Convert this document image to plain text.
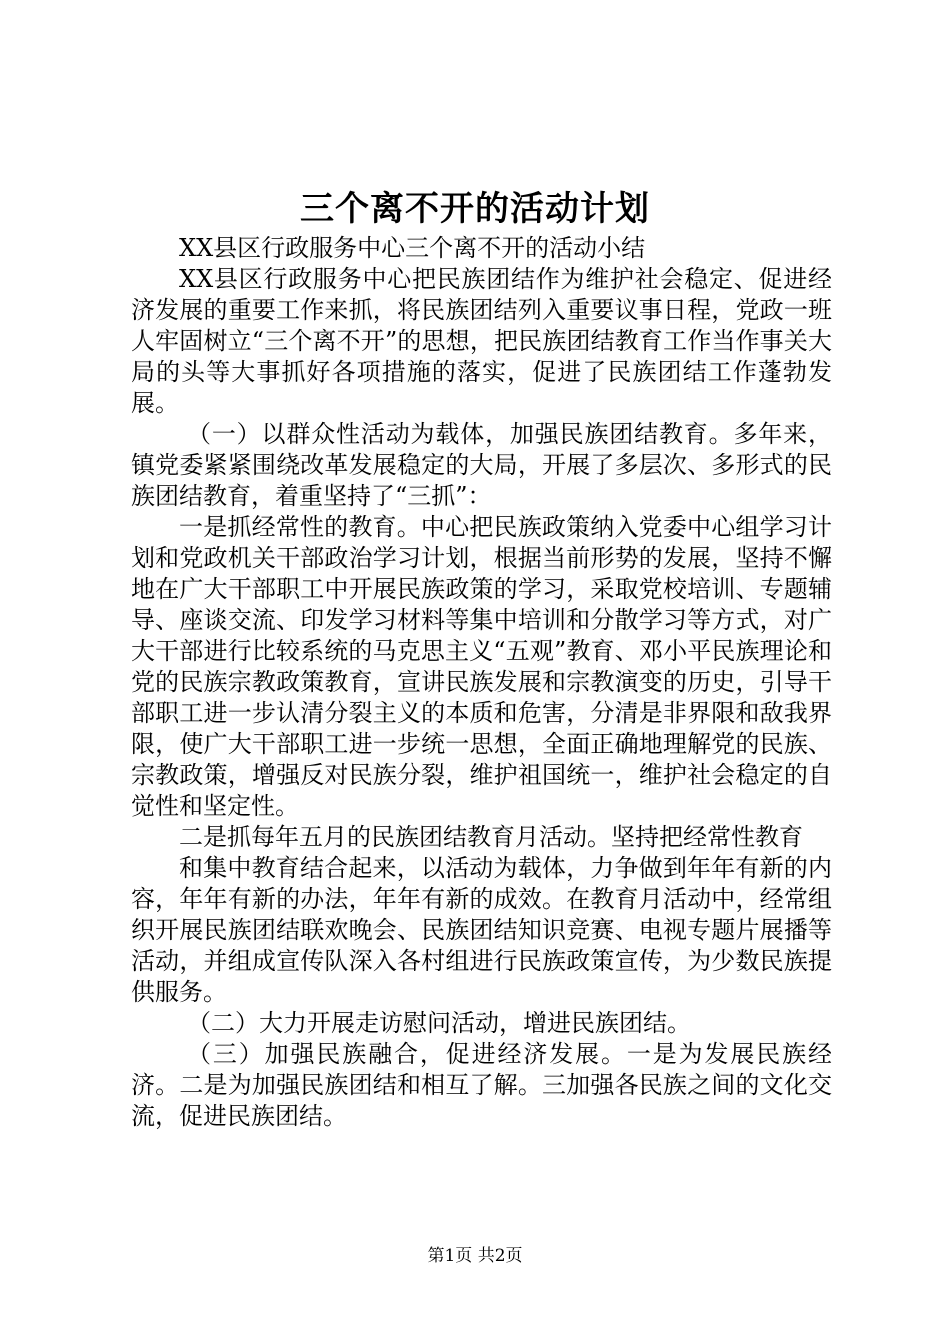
三个离不开的活动计划

XX县区行政服务中心三个离不开的活动小结

XX县区行政服务中心把民族团结作为维护社会稳定、促进经济发展的重要工作来抓，将民族团结列入重要议事日程，党政一班人牢固树立“三个离不开”的思想，把民族团结教育工作当作事关大局的头等大事抓好各项措施的落实，促进了民族团结工作蓬勃发展。

（一）以群众性活动为载体，加强民族团结教育。多年来，镇党委紧紧围绕改革发展稳定的大局，开展了多层次、多形式的民族团结教育，着重坚持了“三抓”：

一是抓经常性的教育。中心把民族政策纳入党委中心组学习计划和党政机关干部政治学习计划，根据当前形势的发展，坚持不懈地在广大干部职工中开展民族政策的学习，采取党校培训、专题辅导、座谈交流、印发学习材料等集中培训和分散学习等方式，对广大干部进行比较系统的马克思主义“五观”教育、邓小平民族理论和党的民族宗教政策教育，宣讲民族发展和宗教演变的历史，引导干部职工进一步认清分裂主义的本质和危害，分清是非界限和敌我界限，使广大干部职工进一步统一思想，全面正确地理解党的民族、宗教政策，增强反对民族分裂，维护祖国统一，维护社会稳定的自觉性和坚定性。

二是抓每年五月的民族团结教育月活动。坚持把经常性教育

和集中教育结合起来，以活动为载体，力争做到年年有新的内容，年年有新的办法，年年有新的成效。在教育月活动中，经常组织开展民族团结联欢晚会、民族团结知识竞赛、电视专题片展播等活动，并组成宣传队深入各村组进行民族政策宣传，为少数民族提供服务。

（二）大力开展走访慰问活动，增进民族团结。

（三）加强民族融合，促进经济发展。一是为发展民族经济。二是为加强民族团结和相互了解。三加强各民族之间的文化交流，促进民族团结。

第1页 共2页
